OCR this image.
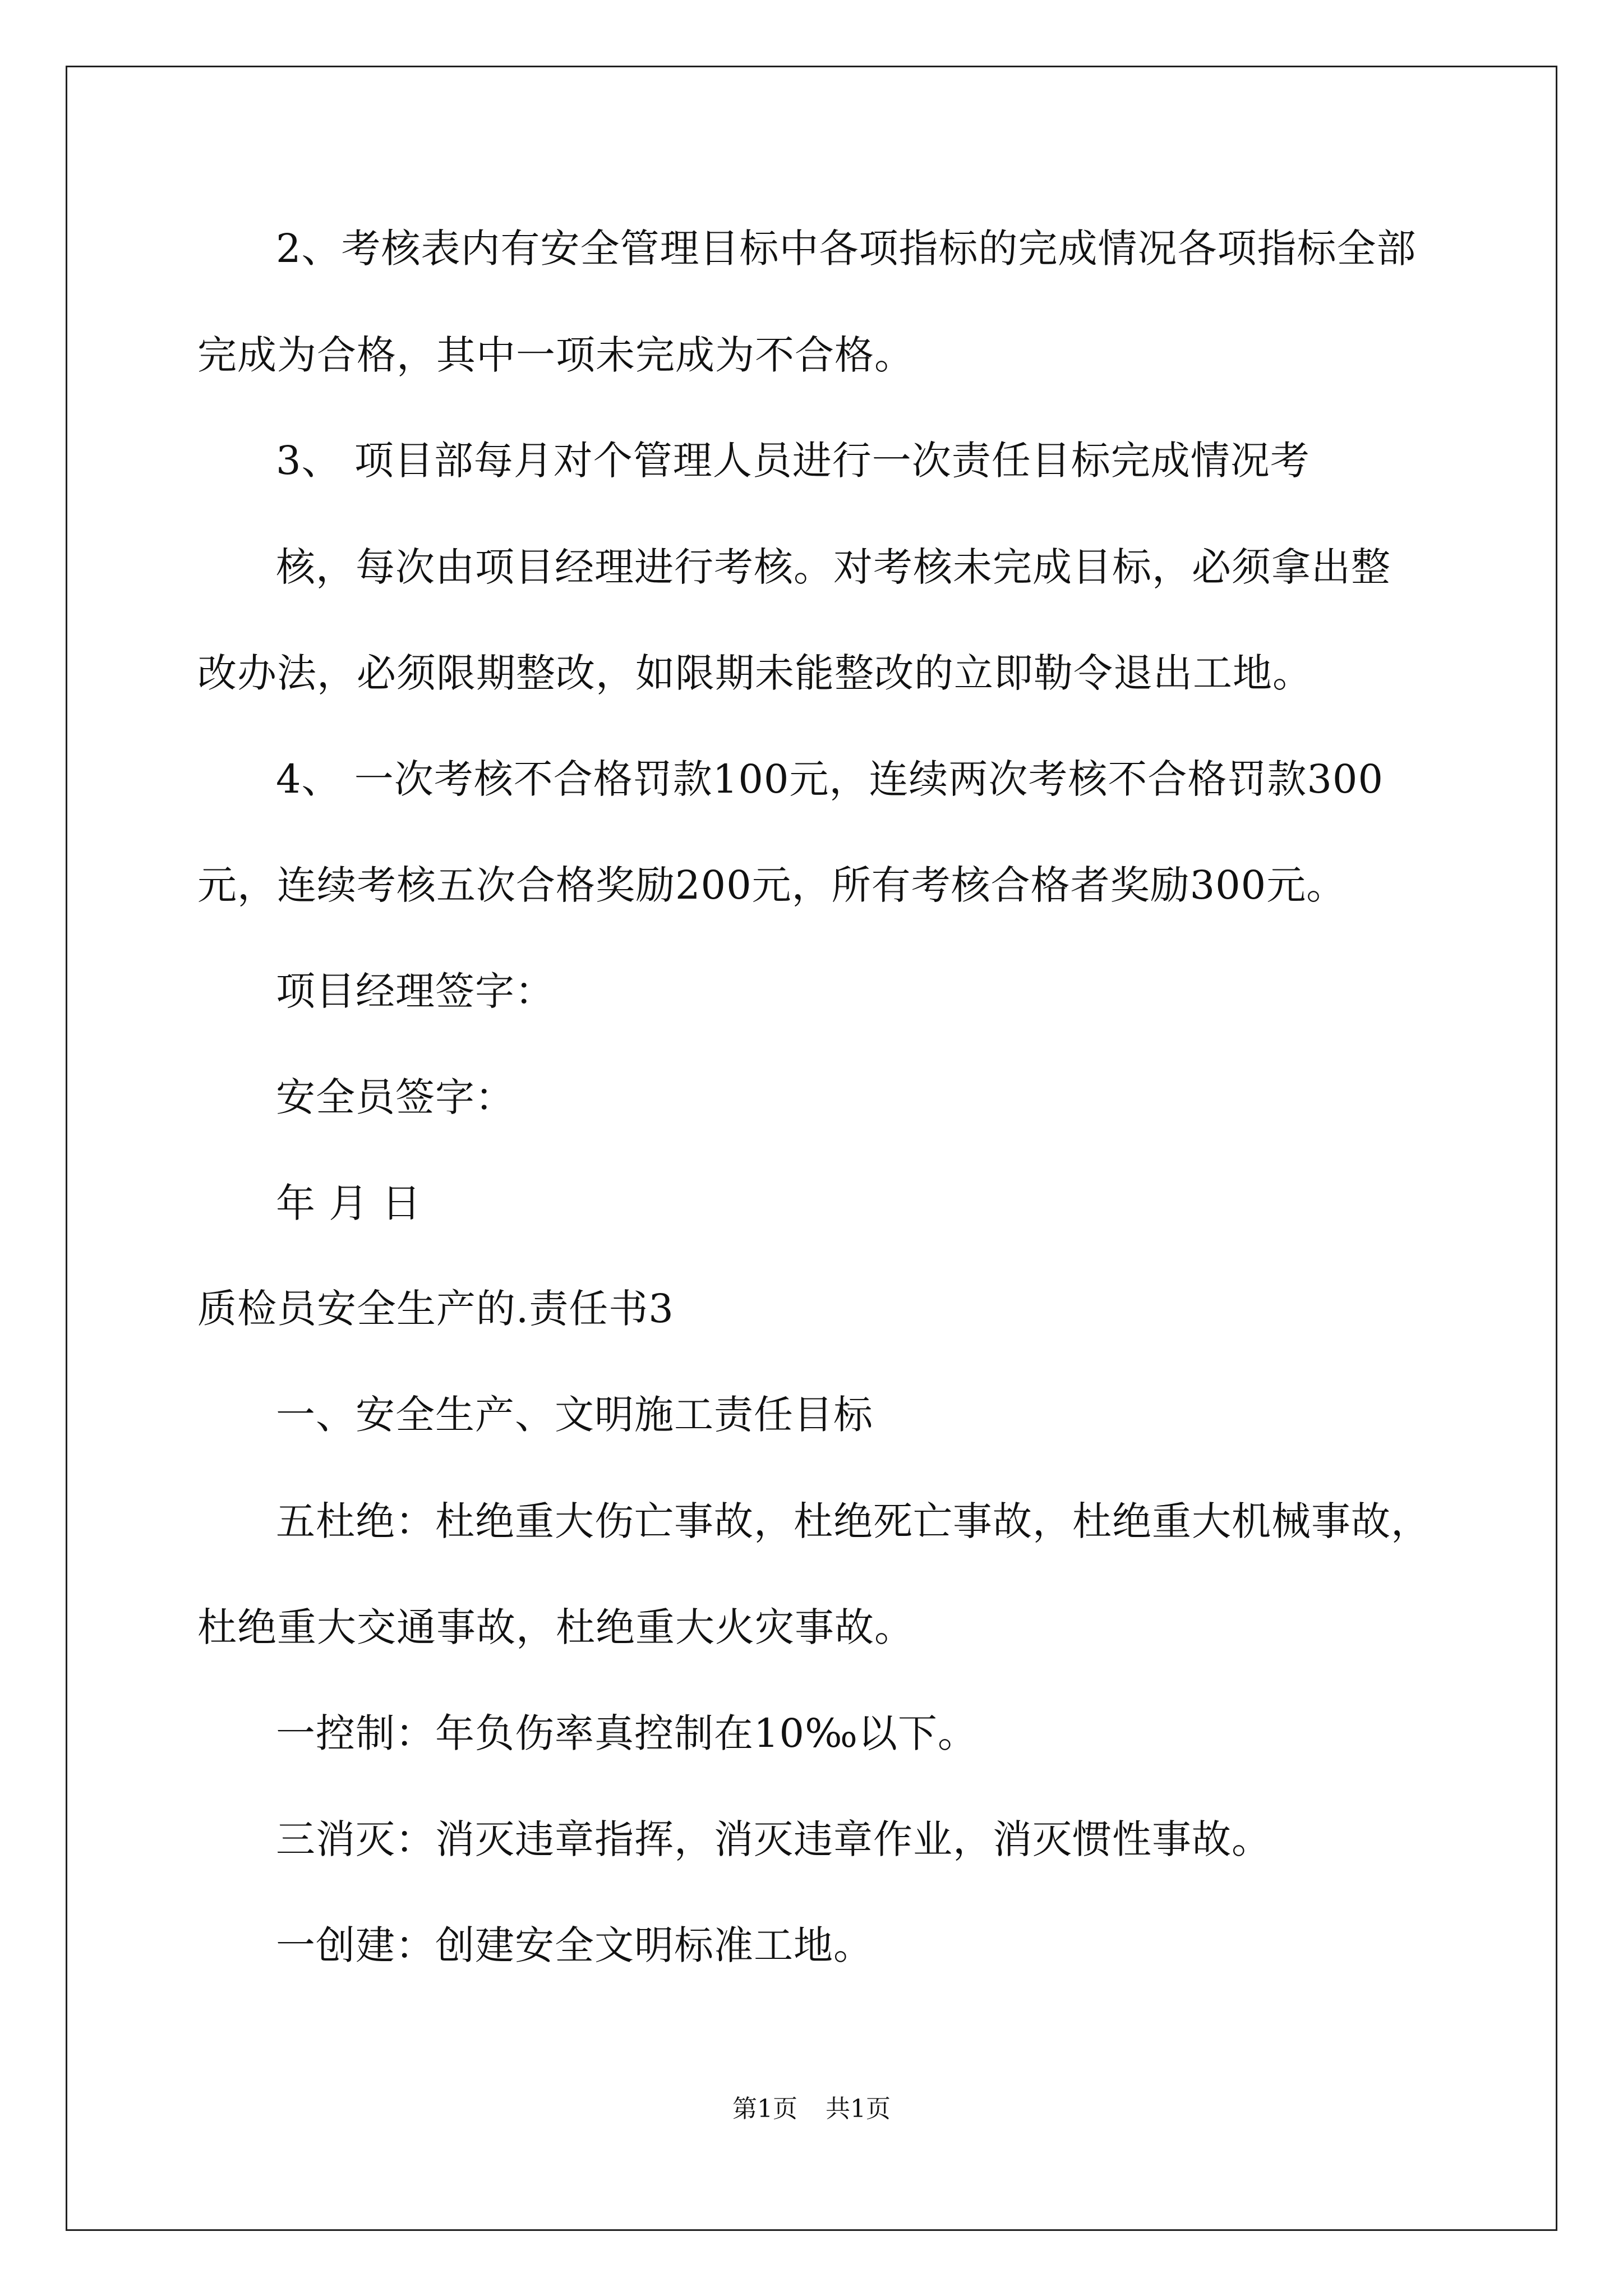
2、考核表内有安全管理目标中各项指标的完成情况各项指标全部
完成为合格，其中一项未完成为不合格。
3、 项目部每月对个管理人员进行一次责任目标完成情况考
核，每次由项目经理进行考核。对考核未完成目标，必须拿出整
改办法，必须限期整改，如限期未能整改的立即勒令退出工地。
4、 一次考核不合格罚款100元，连续两次考核不合格罚款300
元，连续考核五次合格奖励200元，所有考核合格者奖励300元。
项目经理签字：
安全员签字：
年 月 日
质检员安全生产的.责任书3
一、安全生产、文明施工责任目标
五杜绝：杜绝重大伤亡事故，杜绝死亡事故，杜绝重大机械事故，
杜绝重大交通事故，杜绝重大火灾事故。
一控制：年负伤率真控制在10‰以下。
三消灭：消灭违章指挥，消灭违章作业，消灭惯性事故。
一创建：创建安全文明标准工地。
第1页 共1页
